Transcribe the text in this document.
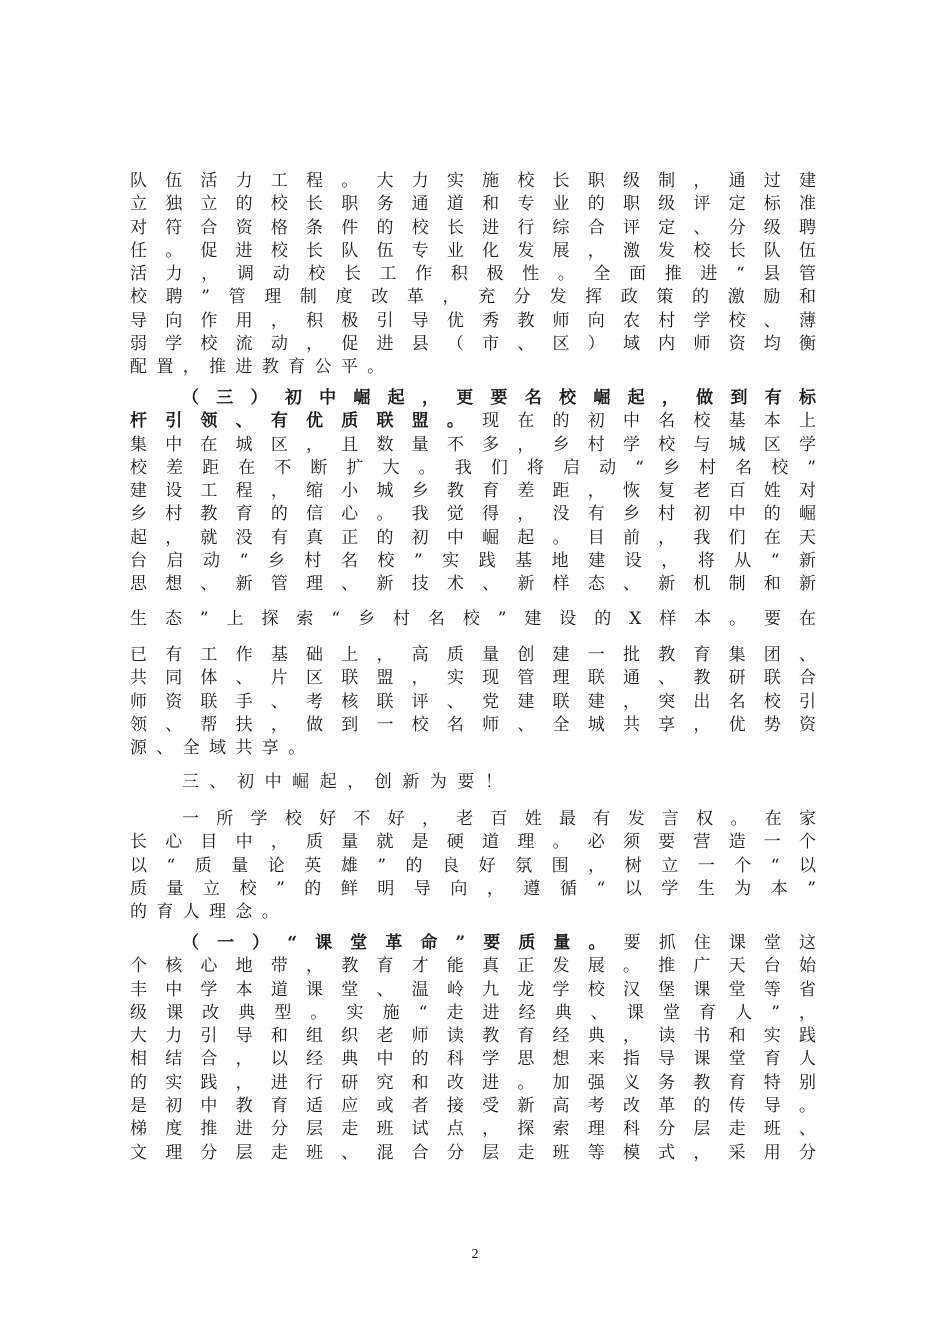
队伍活力工程。大力实施校长职级制，通过建
立独立的校长职务通道和专业的职级评定标准
对符合资格条件的校长进行综合评定、分级聘
任。促进校长队伍专业化发展，激发校长队伍
活力，调动校长工作积极性。全面推进“县管
校聘”管理制度改革，充分发挥政策的激励和
导向作用，积极引导优秀教师向农村学校、薄
弱学校流动，促进县（市、区）域内师资均衡
配置，推进教育公平。
（三）初中崛起，更要名校崛起，做到有标
杆引领、有优质联盟。现在的初中名校基本上
集中在城区，且数量不多，乡村学校与城区学
校差距在不断扩大。我们将启动“乡村名校”
建设工程，缩小城乡教育差距，恢复老百姓对
乡村教育的信心。我觉得，没有乡村初中的崛
起，就没有真正的初中崛起。目前，我们在天
台启动“乡村名校”实践基地建设，将从“新
思想、新管理、新技术、新样态、新机制和新
生态”上探索“乡村名校”建设的X样本。要在
已有工作基础上，高质量创建一批教育集团、
共同体、片区联盟，实现管理联通、教研联合
师资联手、考核联评、党建联建，突出名校引
领、帮扶，做到一校名师、全城共享，优势资
源、全域共享。
三、初中崛起，创新为要！
一所学校好不好，老百姓最有发言权。在家
长心目中，质量就是硬道理。必须要营造一个
以“质量论英雄”的良好氛围，树立一个“以
质量立校”的鲜明导向，遵循“以学生为本”
的育人理念。
（一）“课堂革命”要质量。要抓住课堂这
个核心地带，教育才能真正发展。推广天台始
丰中学本道课堂、温岭九龙学校汉堡课堂等省
级课改典型。实施“走进经典、课堂育人”，
大力引导和组织老师读教育经典，读书和实践
相结合，以经典中的科学思想来指导课堂育人
的实践，进行研究和改进。加强义务教育特别
是初中教育适应或者接受新高考改革的传导。
梯度推进分层走班试点，探索理科分层走班、
文理分层走班、混合分层走班等模式，采用分
2
